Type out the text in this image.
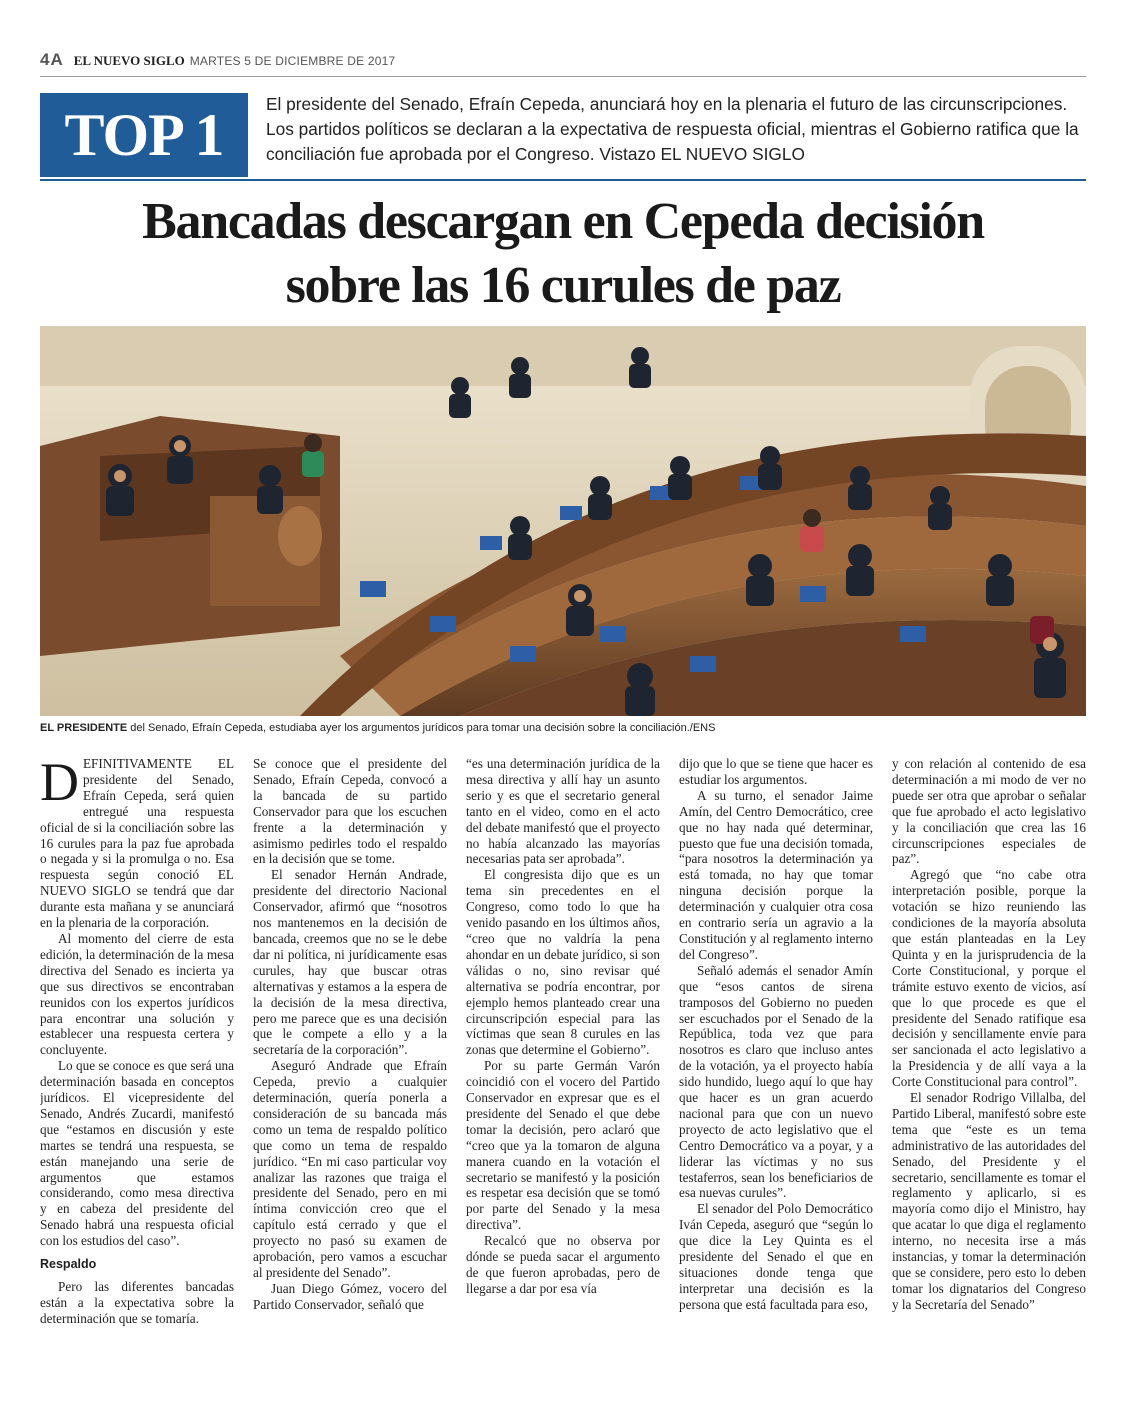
4A EL NUEVO SIGLO MARTES 5 DE DICIEMBRE DE 2017
TOP 1	El presidente del Senado, Efraín Cepeda, anunciará hoy en la plenaria el futuro de las circunscripciones. Los partidos políticos se declaran a la expectativa de respuesta oficial, mientras el Gobierno ratifica que la conciliación fue aprobada por el Congreso. Vistazo EL NUEVO SIGLO
Bancadas descargan en Cepeda decisión
sobre las 16 curules de paz
EL PRESIDENTE del Senado, Efraín Cepeda, estudiaba ayer los argumentos jurídicos para tomar una decisión sobre la conciliación./ENS

DEFINITIVAMENTE EL presidente del Senado, Efraín Cepeda, será quien entregué una respuesta oficial de si la conciliación sobre las 16 curules para la paz fue aprobada o negada y si la promulga o no. Esa respuesta según conoció EL NUEVO SIGLO se tendrá que dar durante esta mañana y se anunciará en la plenaria de la corporación.

Al momento del cierre de esta edición, la determinación de la mesa directiva del Senado es incierta ya que sus directivos se encontraban reunidos con los expertos jurídicos para encontrar una solución y establecer una respuesta certera y concluyente.

Lo que se conoce es que será una determinación basada en conceptos jurídicos. El vicepresidente del Senado, Andrés Zucardi, manifestó que “estamos en discusión y este martes se tendrá una respuesta, se están manejando una serie de argumentos que estamos considerando, como mesa directiva y en cabeza del presidente del Senado habrá una respuesta oficial con los estudios del caso”.

Respaldo

Pero las diferentes bancadas están a la expectativa sobre la determinación que se tomaría.

Se conoce que el presidente del Senado, Efraín Cepeda, convocó a la bancada de su partido Conservador para que los escuchen frente a la determinación y asimismo pedirles todo el respaldo en la decisión que se tome.

El senador Hernán Andrade, presidente del directorio Nacional Conservador, afirmó que “nosotros nos mantenemos en la decisión de bancada, creemos que no se le debe dar ni política, ni jurídicamente esas curules, hay que buscar otras alternativas y estamos a la espera de la decisión de la mesa directiva, pero me parece que es una decisión que le compete a ello y a la secretaría de la corporación”.

Aseguró Andrade que Efraín Cepeda, previo a cualquier determinación, quería ponerla a consideración de su bancada más como un tema de respaldo político que como un tema de respaldo jurídico. “En mi caso particular voy analizar las razones que traiga el presidente del Senado, pero en mi íntima convicción creo que el capítulo está cerrado y que el proyecto no pasó su examen de aprobación, pero vamos a escuchar al presidente del Senado”.

Juan Diego Gómez, vocero del Partido Conservador, señaló que

“es una determinación jurídica de la mesa directiva y allí hay un asunto serio y es que el secretario general tanto en el video, como en el acto del debate manifestó que el proyecto no había alcanzado las mayorías necesarias pata ser aprobada”.

El congresista dijo que es un tema sin precedentes en el Congreso, como todo lo que ha venido pasando en los últimos años, “creo que no valdría la pena ahondar en un debate jurídico, si son válidas o no, sino revisar qué alternativa se podría encontrar, por ejemplo hemos planteado crear una circunscripción especial para las víctimas que sean 8 curules en las zonas que determine el Gobierno”.

Por su parte Germán Varón coincidió con el vocero del Partido Conservador en expresar que es el presidente del Senado el que debe tomar la decisión, pero aclaró que “creo que ya la tomaron de alguna manera cuando en la votación el secretario se manifestó y la posición es respetar esa decisión que se tomó por parte del Senado y la mesa directiva”.

Recalcó que no observa por dónde se pueda sacar el argumento de que fueron aprobadas, pero de llegarse a dar por esa vía

dijo que lo que se tiene que hacer es estudiar los argumentos.

A su turno, el senador Jaime Amín, del Centro Democrático, cree que no hay nada qué determinar, puesto que fue una decisión tomada, “para nosotros la determinación ya está tomada, no hay que tomar ninguna decisión porque la determinación y cualquier otra cosa en contrario sería un agravio a la Constitución y al reglamento interno del Congreso”.

Señaló además el senador Amín que “esos cantos de sirena tramposos del Gobierno no pueden ser escuchados por el Senado de la República, toda vez que para nosotros es claro que incluso antes de la votación, ya el proyecto había sido hundido, luego aquí lo que hay que hacer es un gran acuerdo nacional para que con un nuevo proyecto de acto legislativo que el Centro Democrático va a poyar, y a liderar las víctimas y no sus testaferros, sean los beneficiarios de esa nuevas curules”.

El senador del Polo Democrático Iván Cepeda, aseguró que “según lo que dice la Ley Quinta es el presidente del Senado el que en situaciones donde tenga que interpretar una decisión es la persona que está facultada para eso,

y con relación al contenido de esa determinación a mi modo de ver no puede ser otra que aprobar o señalar que fue aprobado el acto legislativo y la conciliación que crea las 16 circunscripciones especiales de paz”.

Agregó que “no cabe otra interpretación posible, porque la votación se hizo reuniendo las condiciones de la mayoría absoluta que están planteadas en la Ley Quinta y en la jurisprudencia de la Corte Constitucional, y porque el trámite estuvo exento de vicios, así que lo que procede es que el presidente del Senado ratifique esa decisión y sencillamente envíe para ser sancionada el acto legislativo a la Presidencia y de allí vaya a la Corte Constitucional para control”.

El senador Rodrigo Villalba, del Partido Liberal, manifestó sobre este tema que “este es un tema administrativo de las autoridades del Senado, del Presidente y el secretario, sencillamente es tomar el reglamento y aplicarlo, si es mayoría como dijo el Ministro, hay que acatar lo que diga el reglamento interno, no necesita irse a más instancias, y tomar la determinación que se considere, pero esto lo deben tomar los dignatarios del Congreso y la Secretaría del Senado”
